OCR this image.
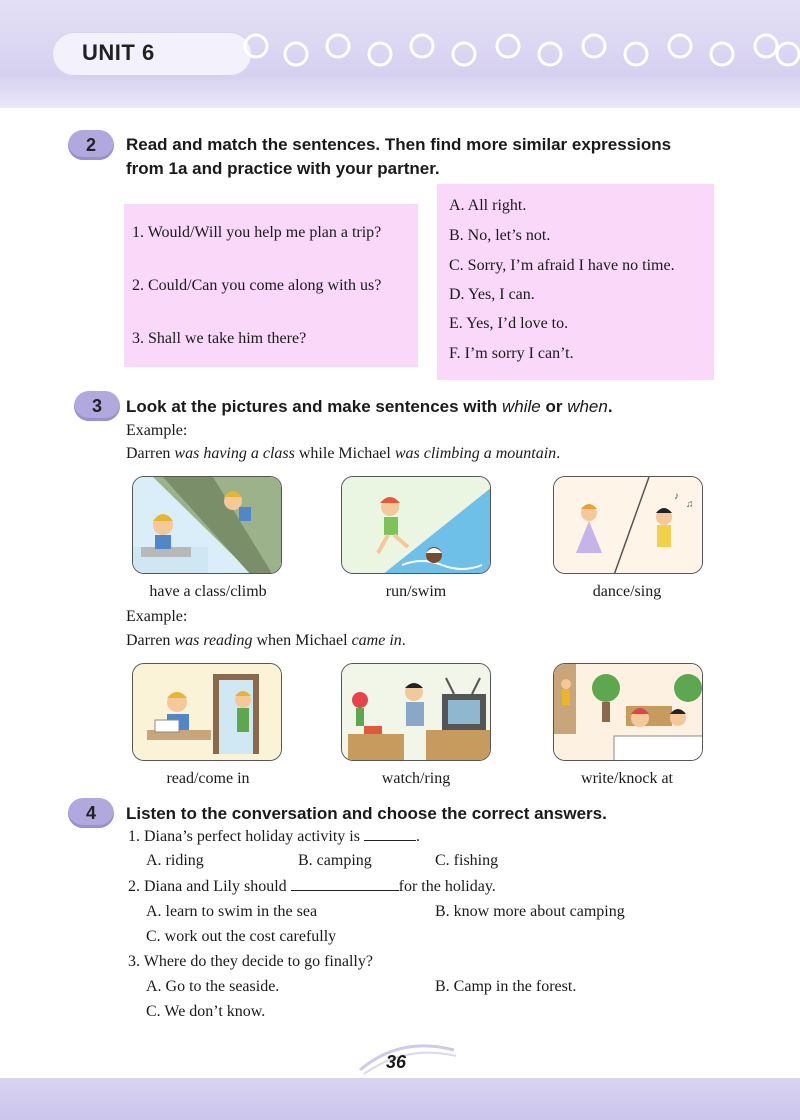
UNIT 6
2	Read and match the sentences. Then find more similar expressions
from 1a and practice with your partner.
1. Would/Will you help me plan a trip?
2. Could/Can you come along with us?
3. Shall we take him there?
A. All right.
B. No, let’s not.
C. Sorry, I’m afraid I have no time.
D. Yes, I can.
E. Yes, I’d love to.
F. I’m sorry I can’t.
3	Look at the pictures and make sentences with while or when.
Example:
Darren was having a class while Michael was climbing a mountain.
♪
♫
have a class/climb	run/swim	dance/sing
Example:
Darren was reading when Michael came in.
read/come in	watch/ring	write/knock at
4	Listen to the conversation and choose the correct answers.
1. Diana’s perfect holiday activity is	.
A. riding	B. camping	C. fishing
2. Diana and Lily should	for the holiday.
A. learn to swim in the sea	B. know more about camping
C. work out the cost carefully
3. Where do they decide to go finally?
A. Go to the seaside.	B. Camp in the forest.
C. We don’t know.
36
